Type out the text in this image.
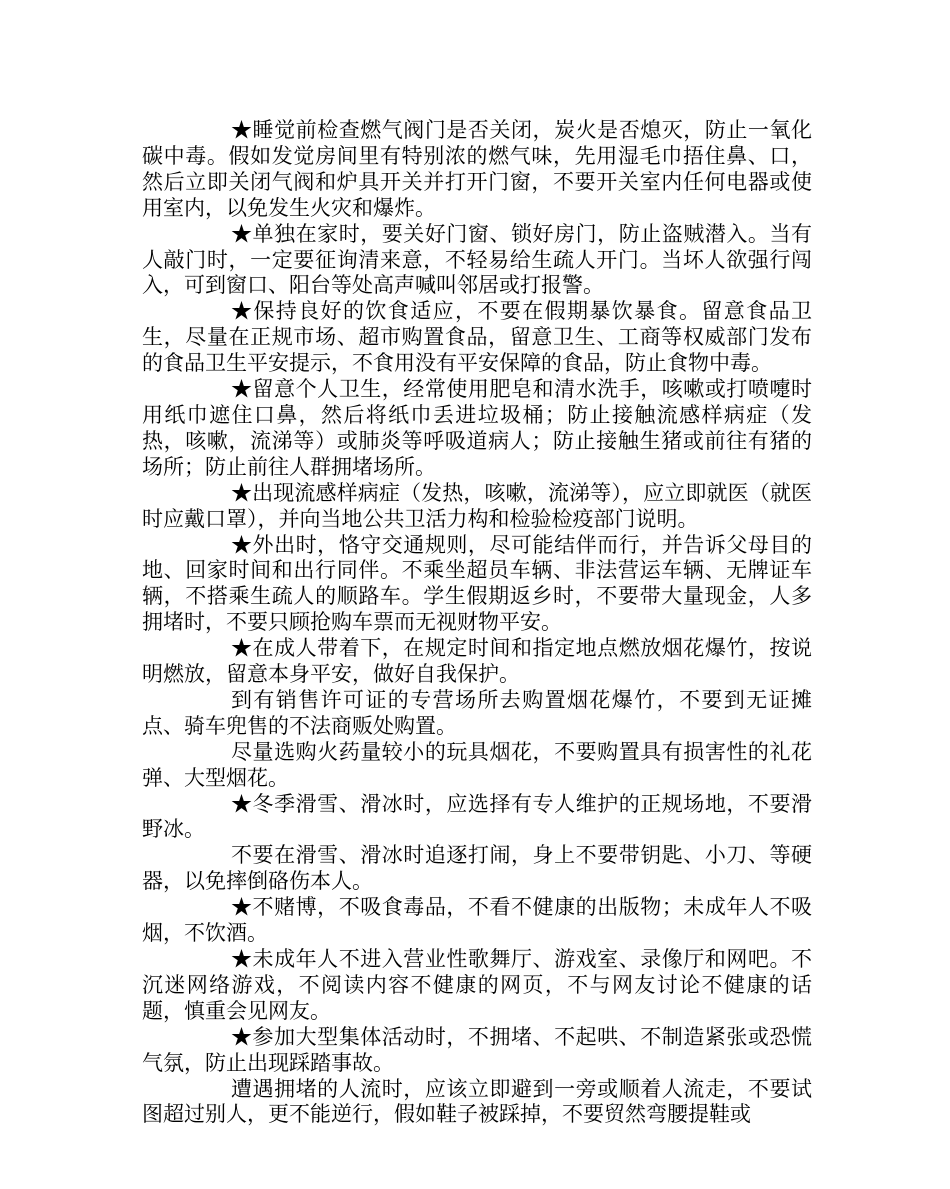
★睡觉前检查燃气阀门是否关闭，炭火是否熄灭，防止一氧化碳中毒。假如发觉房间里有特别浓的燃气味，先用湿毛巾捂住鼻、口，然后立即关闭气阀和炉具开关并打开门窗，不要开关室内任何电器或使用室内，以免发生火灾和爆炸。

★单独在家时，要关好门窗、锁好房门，防止盗贼潜入。当有人敲门时，一定要征询清来意，不轻易给生疏人开门。当坏人欲强行闯入，可到窗口、阳台等处高声喊叫邻居或打报警。

★保持良好的饮食适应，不要在假期暴饮暴食。留意食品卫生，尽量在正规市场、超市购置食品，留意卫生、工商等权威部门发布的食品卫生平安提示，不食用没有平安保障的食品，防止食物中毒。

★留意个人卫生，经常使用肥皂和清水洗手，咳嗽或打喷嚏时用纸巾遮住口鼻，然后将纸巾丢进垃圾桶；防止接触流感样病症（发热，咳嗽，流涕等）或肺炎等呼吸道病人；防止接触生猪或前往有猪的场所；防止前往人群拥堵场所。

★出现流感样病症（发热，咳嗽，流涕等），应立即就医（就医时应戴口罩），并向当地公共卫活力构和检验检疫部门说明。

★外出时，恪守交通规则，尽可能结伴而行，并告诉父母目的地、回家时间和出行同伴。不乘坐超员车辆、非法营运车辆、无牌证车辆，不搭乘生疏人的顺路车。学生假期返乡时，不要带大量现金，人多拥堵时，不要只顾抢购车票而无视财物平安。

★在成人带着下，在规定时间和指定地点燃放烟花爆竹，按说明燃放，留意本身平安，做好自我保护。

到有销售许可证的专营场所去购置烟花爆竹，不要到无证摊点、骑车兜售的不法商贩处购置。

尽量选购火药量较小的玩具烟花，不要购置具有损害性的礼花弹、大型烟花。

★冬季滑雪、滑冰时，应选择有专人维护的正规场地，不要滑野冰。

不要在滑雪、滑冰时追逐打闹，身上不要带钥匙、小刀、等硬器，以免摔倒硌伤本人。

★不赌博，不吸食毒品，不看不健康的出版物；未成年人不吸烟，不饮酒。

★未成年人不进入营业性歌舞厅、游戏室、录像厅和网吧。不沉迷网络游戏，不阅读内容不健康的网页，不与网友讨论不健康的话题，慎重会见网友。

★参加大型集体活动时，不拥堵、不起哄、不制造紧张或恐慌气氛，防止出现踩踏事故。

遭遇拥堵的人流时，应该立即避到一旁或顺着人流走，不要试图超过别人，更不能逆行，假如鞋子被踩掉，不要贸然弯腰提鞋或
